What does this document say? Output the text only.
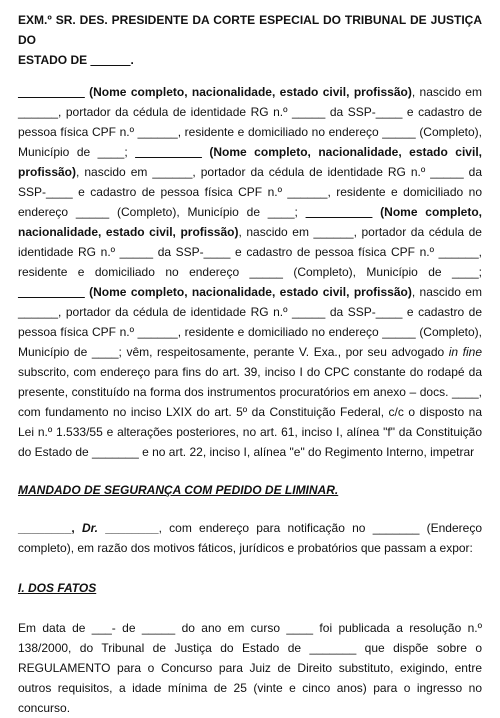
EXM.º SR. DES. PRESIDENTE DA CORTE ESPECIAL DO TRIBUNAL DE JUSTIÇA DO
ESTADO DE ______.

__________ (Nome completo, nacionalidade, estado civil, profissão), nascido em ______, portador da cédula de identidade RG n.º _____ da SSP-____ e cadastro de pessoa física CPF n.º ______, residente e domiciliado no endereço _____ (Completo), Município de ____; __________ (Nome completo, nacionalidade, estado civil, profissão), nascido em ______, portador da cédula de identidade RG n.º _____ da SSP-____ e cadastro de pessoa física CPF n.º ______, residente e domiciliado no endereço _____ (Completo), Município de ____; __________ (Nome completo, nacionalidade, estado civil, profissão), nascido em ______, portador da cédula de identidade RG n.º _____ da SSP-____ e cadastro de pessoa física CPF n.º ______, residente e domiciliado no endereço _____ (Completo), Município de ____; __________ (Nome completo, nacionalidade, estado civil, profissão), nascido em ______, portador da cédula de identidade RG n.º _____ da SSP-____ e cadastro de pessoa física CPF n.º ______, residente e domiciliado no endereço _____ (Completo), Município de ____; vêm, respeitosamente, perante V. Exa., por seu advogado in fine subscrito, com endereço para fins do art. 39, inciso I do CPC constante do rodapé da presente, constituído na forma dos instrumentos procuratórios em anexo – docs. ____, com fundamento no inciso LXIX do art. 5º da Constituição Federal, c/c o disposto na Lei n.º 1.533/55 e alterações posteriores, no art. 61, inciso I, alínea "f" da Constituição do Estado de _______ e no art. 22, inciso I, alínea "e" do Regimento Interno, impetrar

MANDADO DE SEGURANÇA COM PEDIDO DE LIMINAR.

________, Dr. ________, com endereço para notificação no _______ (Endereço completo), em razão dos motivos fáticos, jurídicos e probatórios que passam a expor:

I. DOS FATOS

Em data de ___- de _____ do ano em curso ____ foi publicada a resolução n.º 138/2000, do Tribunal de Justiça do Estado de _______ que dispõe sobre o REGULAMENTO para o Concurso para Juiz de Direito substituto, exigindo, entre outros requisitos, a idade mínima de 25 (vinte e cinco anos) para o ingresso no concurso.
